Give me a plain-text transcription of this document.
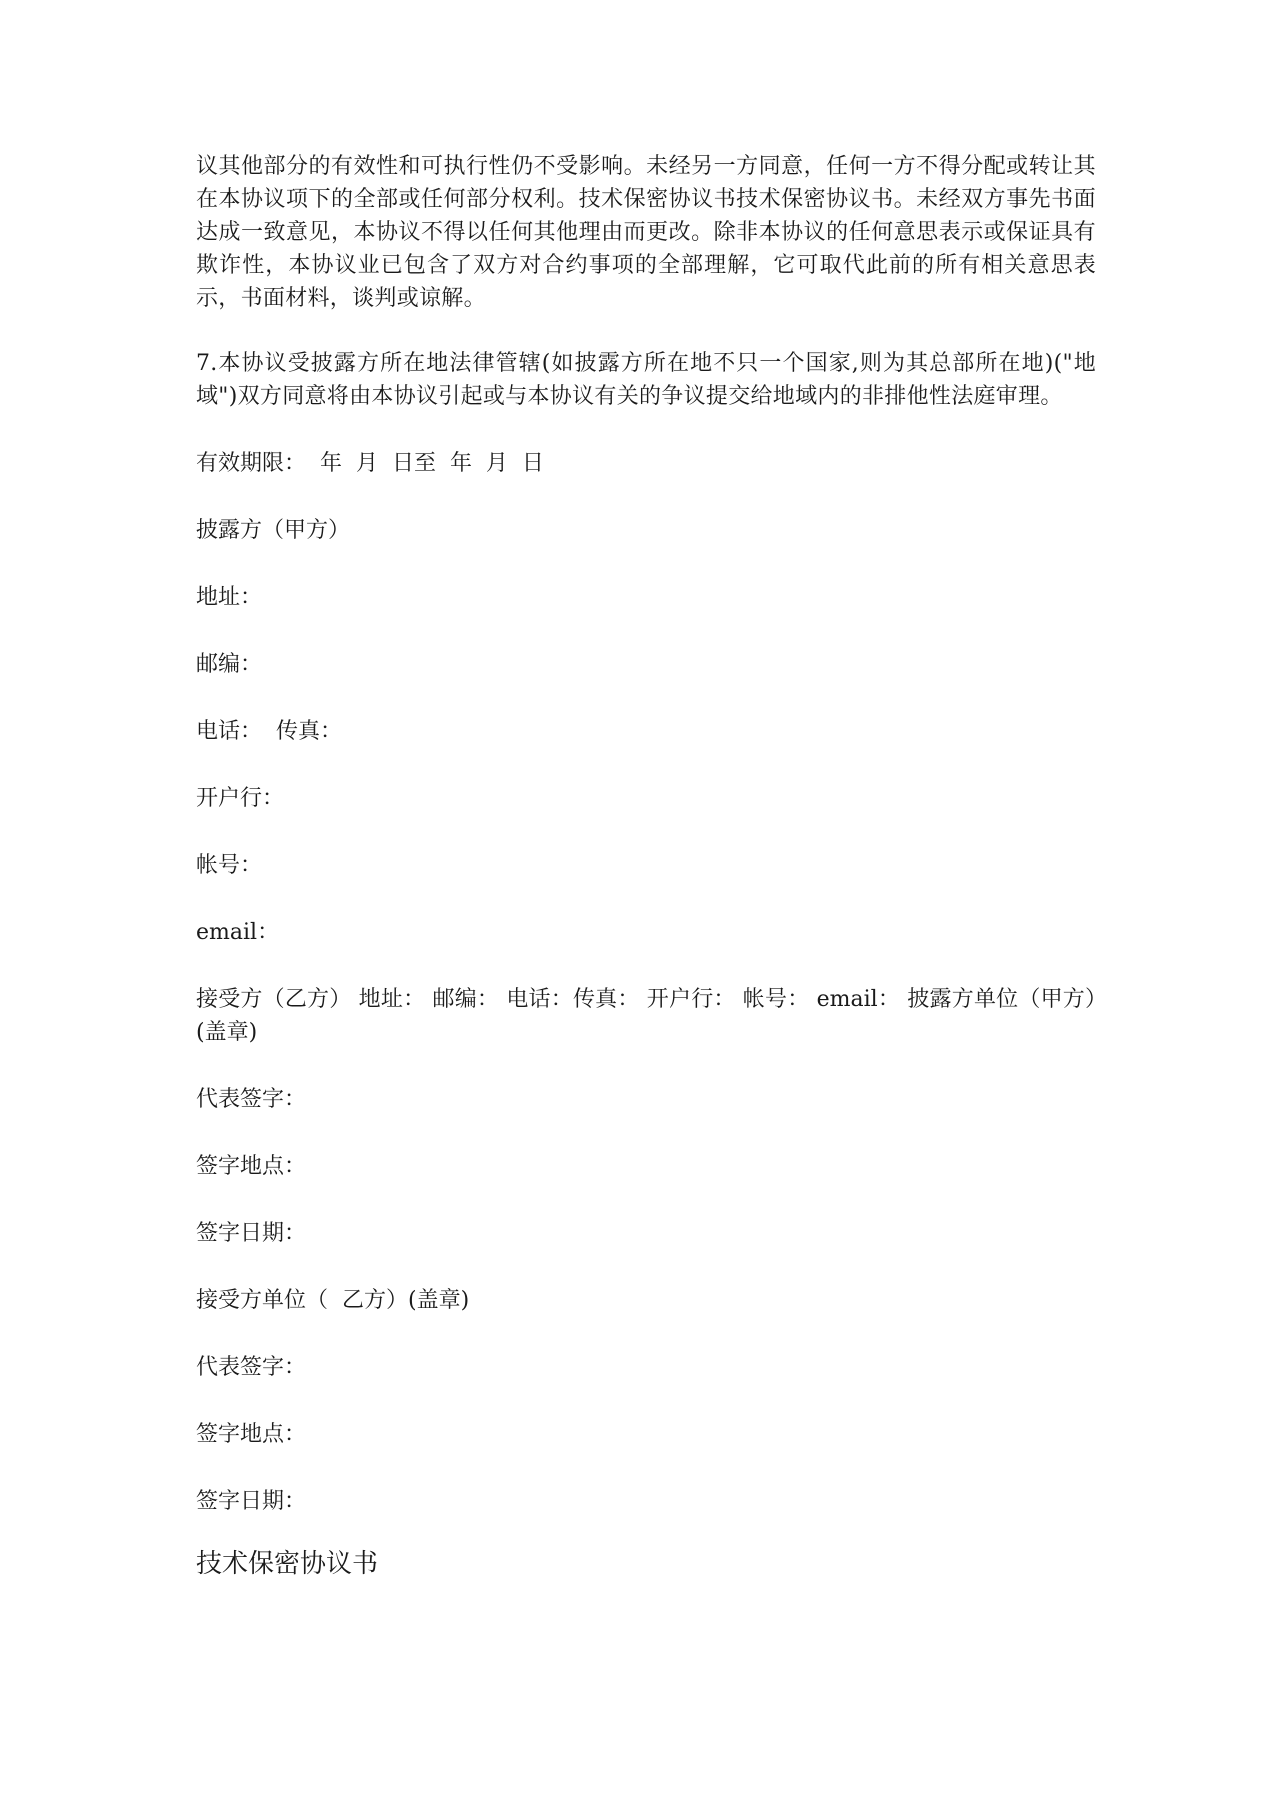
议其他部分的有效性和可执行性仍不受影响。未经另一方同意，任何一方不得分配或转让其在本协议项下的全部或任何部分权利。技术保密协议书技术保密协议书。未经双方事先书面达成一致意见，本协议不得以任何其他理由而更改。除非本协议的任何意思表示或保证具有欺诈性，本协议业已包含了双方对合约事项的全部理解，它可取代此前的所有相关意思表示，书面材料，谈判或谅解。

7.本协议受披露方所在地法律管辖(如披露方所在地不只一个国家,则为其总部所在地)("地域")双方同意将由本协议引起或与本协议有关的争议提交给地域内的非排他性法庭审理。

有效期限：  年  月  日至  年  月  日

披露方（甲方）

地址：

邮编：

电话：  传真：

开户行：

帐号：

email：

接受方（乙方） 地址： 邮编： 电话：传真： 开户行： 帐号： email： 披露方单位（甲方）(盖章)

代表签字：

签字地点：

签字日期：

接受方单位（  乙方）(盖章)

代表签字：

签字地点：

签字日期：

技术保密协议书
